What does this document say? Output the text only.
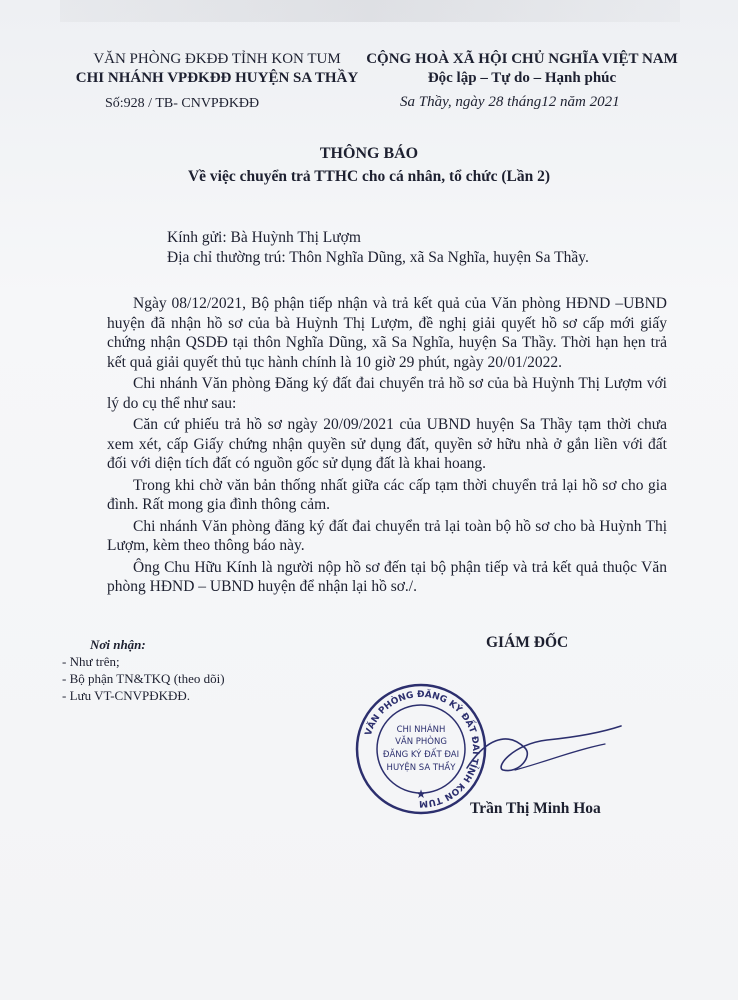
VĂN PHÒNG ĐKĐĐ TỈNH KON TUM
CHI NHÁNH VPĐKĐĐ HUYỆN SA THẦY
CỘNG HOÀ XÃ HỘI CHỦ NGHĨA VIỆT NAM
Độc lập – Tự do – Hạnh phúc
Số:928 / TB- CNVPĐKĐĐ	Sa Thầy, ngày 28 tháng12 năm 2021
THÔNG BÁO
Về việc chuyển trả TTHC cho cá nhân, tổ chức (Lần 2)
Kính gửi: Bà Huỳnh Thị Lượm
Địa chỉ thường trú: Thôn Nghĩa Dũng, xã Sa Nghĩa, huyện Sa Thầy.

Ngày 08/12/2021, Bộ phận tiếp nhận và trả kết quả của Văn phòng HĐND –UBND huyện đã nhận hồ sơ của bà Huỳnh Thị Lượm, đề nghị giải quyết hồ sơ cấp mới giấy chứng nhận QSDĐ tại thôn Nghĩa Dũng, xã Sa Nghĩa, huyện Sa Thầy. Thời hạn hẹn trả kết quả giải quyết thủ tục hành chính là 10 giờ 29 phút, ngày 20/01/2022.

Chi nhánh Văn phòng Đăng ký đất đai chuyển trả hồ sơ của bà Huỳnh Thị Lượm với lý do cụ thể như sau:

Căn cứ phiếu trả hồ sơ ngày 20/09/2021 của UBND huyện Sa Thầy tạm thời chưa xem xét, cấp Giấy chứng nhận quyền sử dụng đất, quyền sở hữu nhà ở gắn liền với đất đối với diện tích đất có nguồn gốc sử dụng đất là khai hoang.

Trong khi chờ văn bản thống nhất giữa các cấp tạm thời chuyển trả lại hồ sơ cho gia đình. Rất mong gia đình thông cảm.

Chi nhánh Văn phòng đăng ký đất đai chuyển trả lại toàn bộ hồ sơ cho bà Huỳnh Thị Lượm, kèm theo thông báo này.

Ông Chu Hữu Kính là người nộp hồ sơ đến tại bộ phận tiếp và trả kết quả thuộc Văn phòng HĐND – UBND huyện để nhận lại hồ sơ./.

Nơi nhận:
- Như trên;
- Bộ phận TN&TKQ (theo dõi)
- Lưu VT-CNVPĐKĐĐ.
GIÁM ĐỐC
VĂN PHÒNG ĐĂNG KÝ ĐẤT ĐAI TỈNH KON TUM
CHI NHÁNH
VĂN PHÒNG
ĐĂNG KÝ ĐẤT ĐAI
HUYỆN SA THẦY
★
Trần Thị Minh Hoa
